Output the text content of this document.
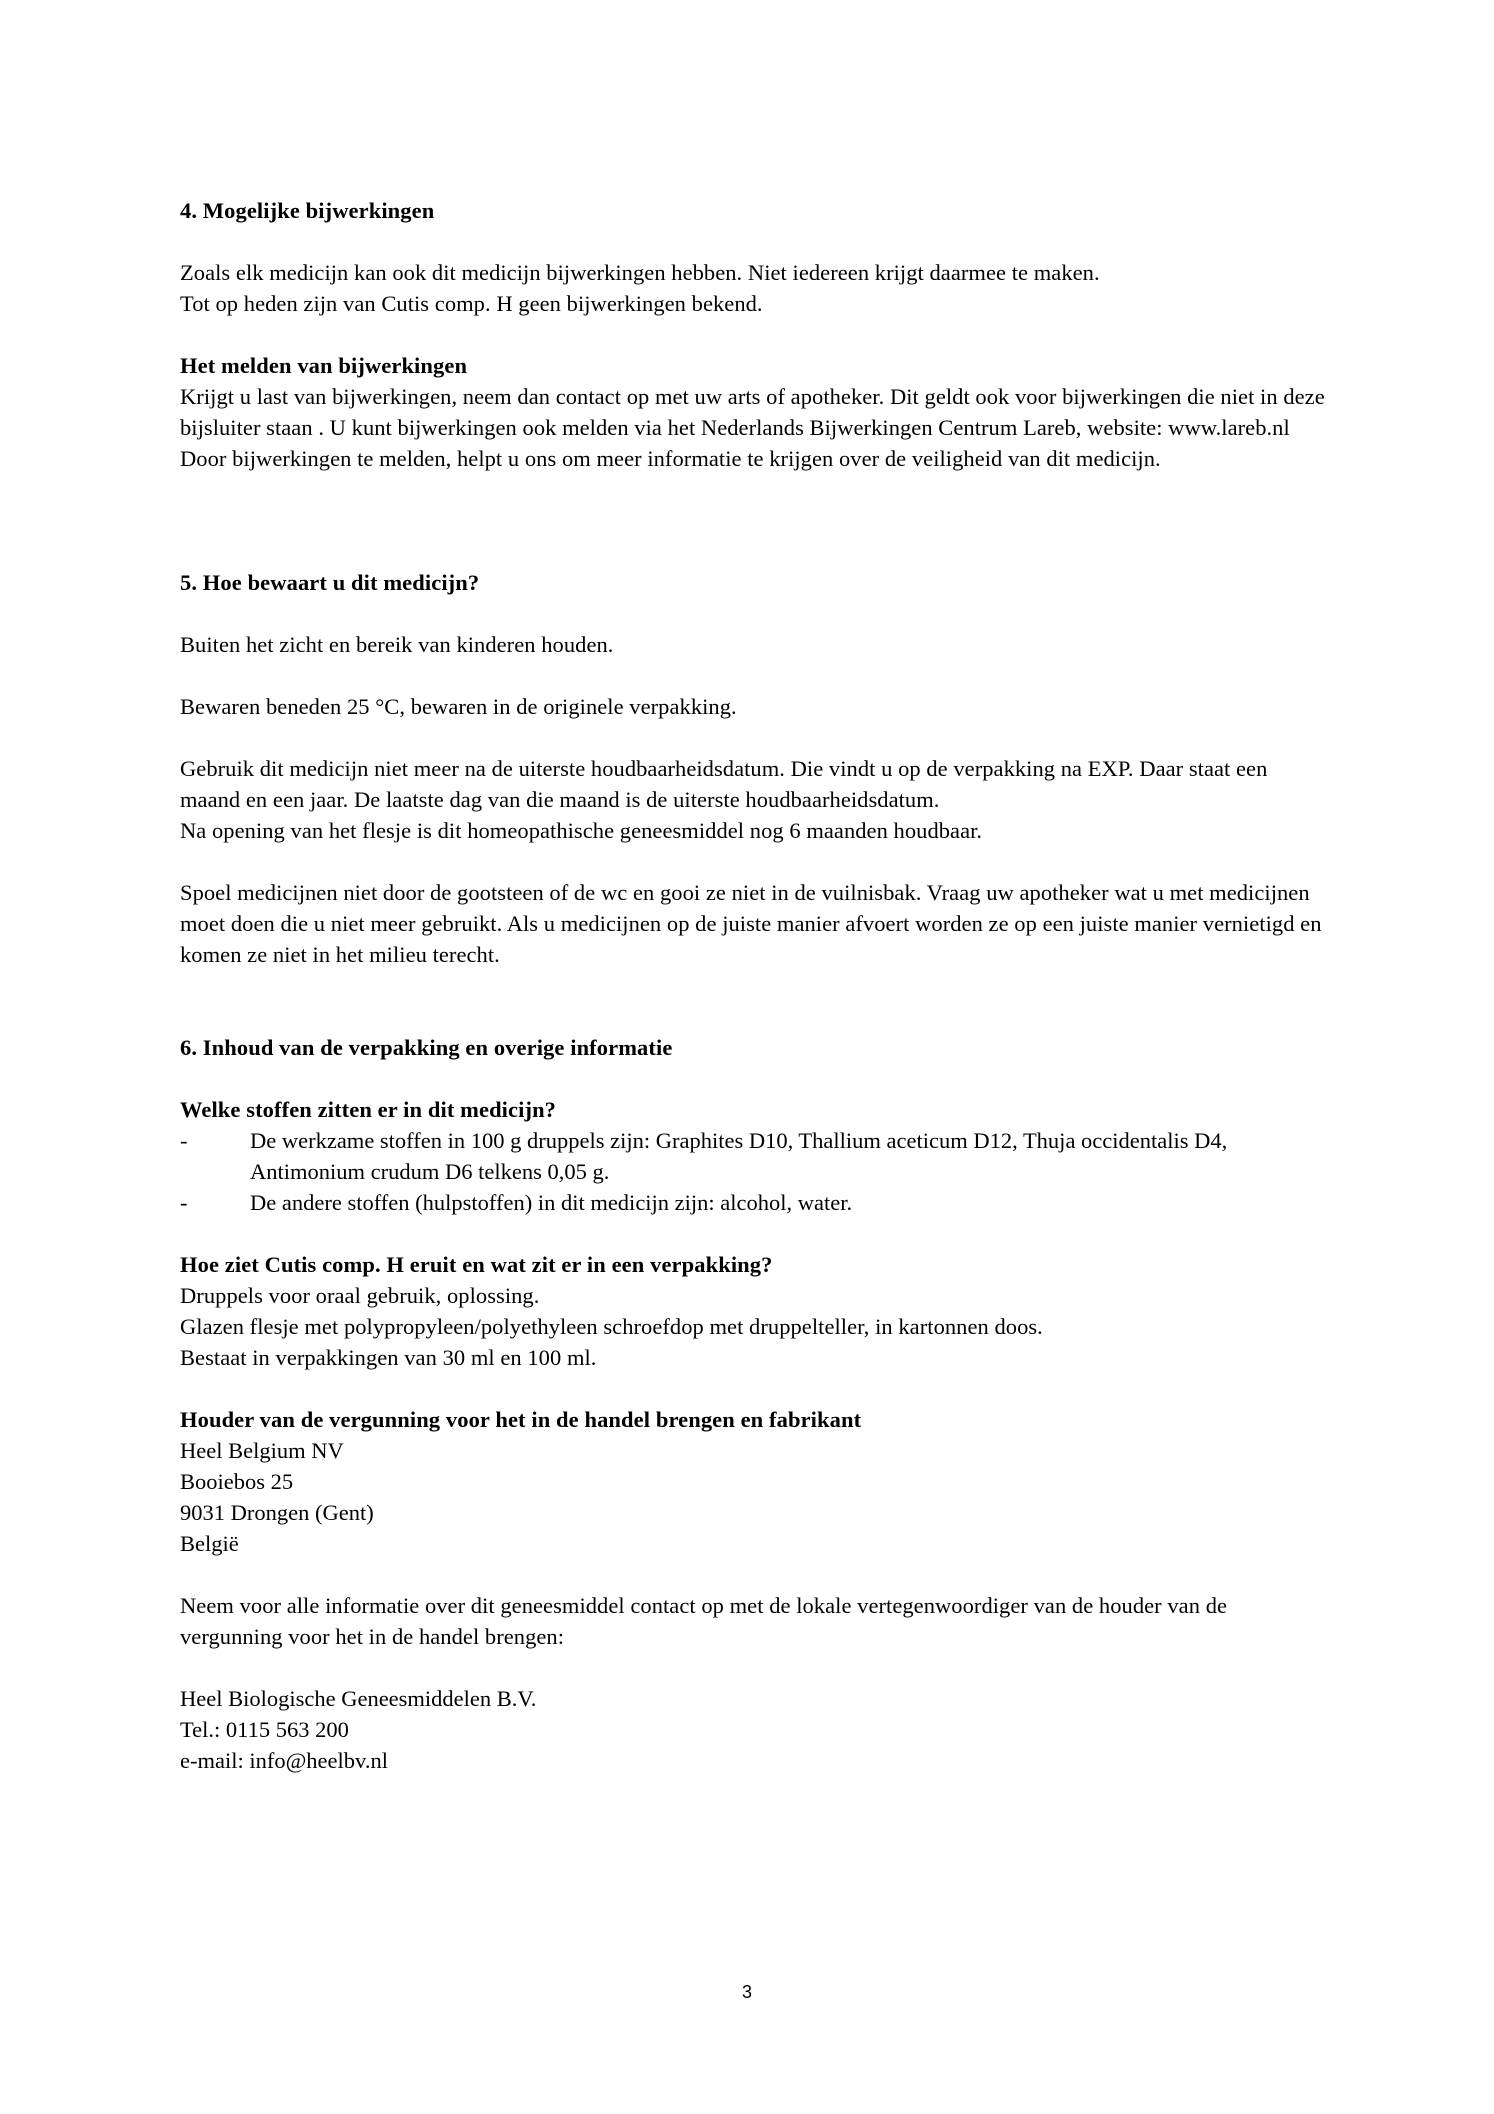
4. Mogelijke bijwerkingen

Zoals elk medicijn kan ook dit medicijn bijwerkingen hebben. Niet iedereen krijgt daarmee te maken.

Tot op heden zijn van Cutis comp. H geen bijwerkingen bekend.

Het melden van bijwerkingen

Krijgt u last van bijwerkingen, neem dan contact op met uw arts of apotheker. Dit geldt ook voor bijwerkingen die niet in deze bijsluiter staan . U kunt bijwerkingen ook melden via het Nederlands Bijwerkingen Centrum Lareb, website: www.lareb.nl

Door bijwerkingen te melden, helpt u ons om meer informatie te krijgen over de veiligheid van dit medicijn.

5. Hoe bewaart u dit medicijn?

Buiten het zicht en bereik van kinderen houden.

Bewaren beneden 25 °C, bewaren in de originele verpakking.

Gebruik dit medicijn niet meer na de uiterste houdbaarheidsdatum. Die vindt u op de verpakking na EXP. Daar staat een maand en een jaar. De laatste dag van die maand is de uiterste houdbaarheidsdatum.

Na opening van het flesje is dit homeopathische geneesmiddel nog 6 maanden houdbaar.

Spoel medicijnen niet door de gootsteen of de wc en gooi ze niet in de vuilnisbak. Vraag uw apotheker wat u met medicijnen moet doen die u niet meer gebruikt. Als u medicijnen op de juiste manier afvoert worden ze op een juiste manier vernietigd en komen ze niet in het milieu terecht.

6. Inhoud van de verpakking en overige informatie
Welke stoffen zitten er in dit medicijn?
-	De werkzame stoffen in 100 g druppels zijn: Graphites D10, Thallium aceticum D12, Thuja occidentalis D4, Antimonium crudum D6 telkens 0,05 g.
-	De andere stoffen (hulpstoffen) in dit medicijn zijn: alcohol, water.
Hoe ziet Cutis comp. H eruit en wat zit er in een verpakking?

Druppels voor oraal gebruik, oplossing.

Glazen flesje met polypropyleen/polyethyleen schroefdop met druppelteller, in kartonnen doos.

Bestaat in verpakkingen van 30 ml en 100 ml.

Houder van de vergunning voor het in de handel brengen en fabrikant

Heel Belgium NV

Booiebos 25

9031 Drongen (Gent)

België

Neem voor alle informatie over dit geneesmiddel contact op met de lokale vertegenwoordiger van de houder van de vergunning voor het in de handel brengen:

Heel Biologische Geneesmiddelen B.V.

Tel.: 0115 563 200

e-mail: info@heelbv.nl

3
